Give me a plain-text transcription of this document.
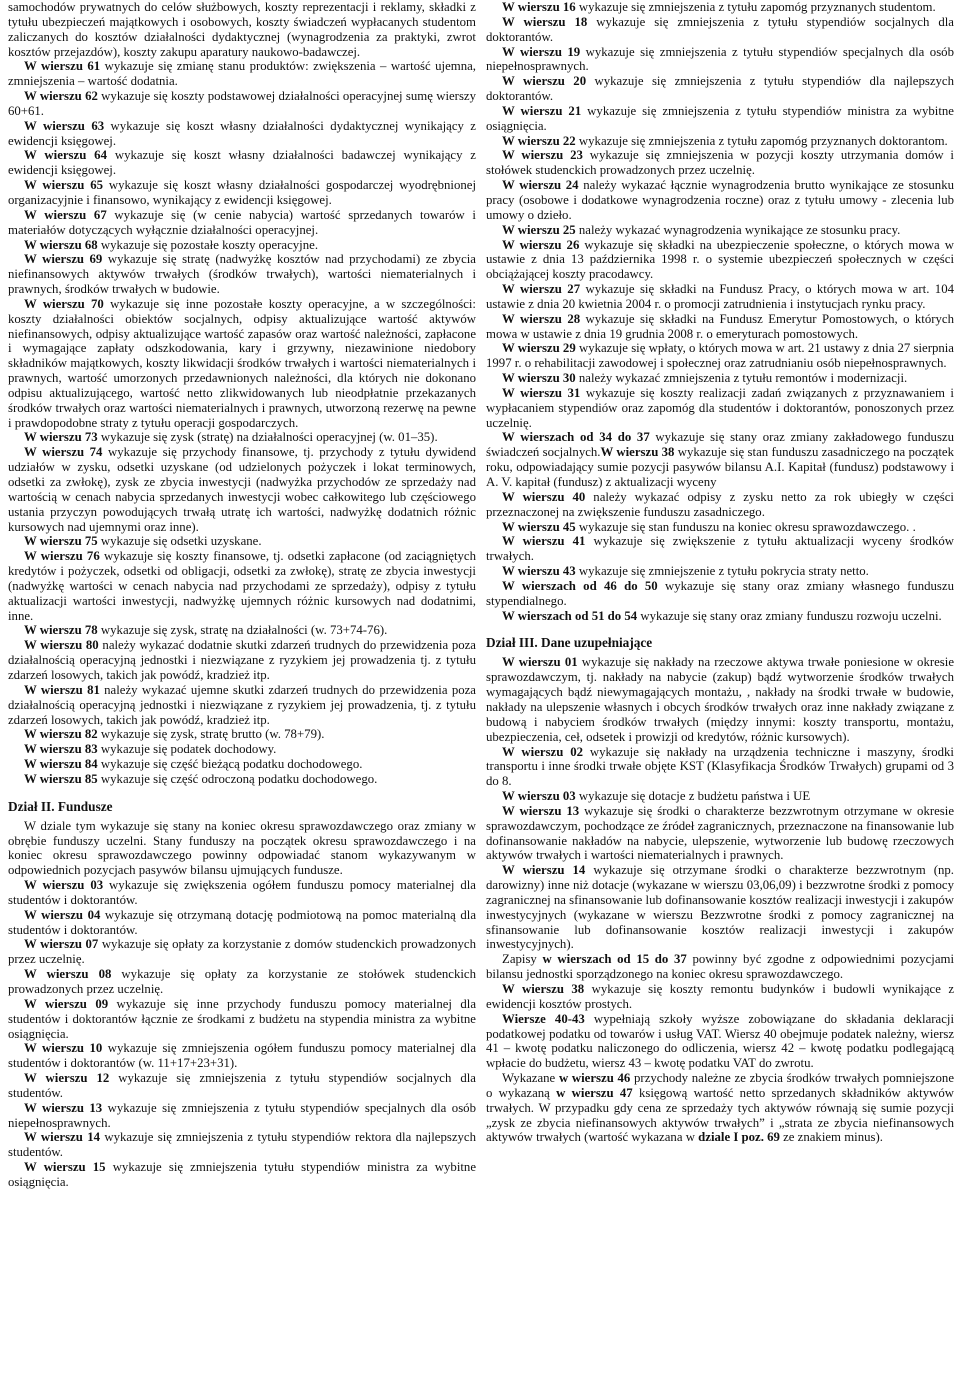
samochodów prywatnych do celów służbowych, koszty reprezentacji i reklamy, składki z tytułu ubezpieczeń majątkowych i osobowych, koszty świadczeń wypłacanych studentom zaliczanych do kosztów działalności dydaktycznej (wynagrodzenia za praktyki, zwrot kosztów przejazdów), koszty zakupu aparatury naukowo-badawczej.

W wierszu 61 wykazuje się zmianę stanu produktów: zwiększenia – wartość ujemna, zmniejszenia – wartość dodatnia.

W wierszu 62 wykazuje się koszty podstawowej działalności operacyjnej sumę wierszy 60+61.

W wierszu 63 wykazuje się koszt własny działalności dydaktycznej wynikający z ewidencji księgowej.

W wierszu 64 wykazuje się koszt własny działalności badawczej wynikający z ewidencji księgowej.

W wierszu 65 wykazuje się koszt własny działalności gospodarczej wyodrębnionej organizacyjnie i finansowo, wynikający z ewidencji księgowej.

W wierszu 67 wykazuje się (w cenie nabycia) wartość sprzedanych towarów i materiałów dotyczących wyłącznie działalności operacyjnej.

W wierszu 68 wykazuje się pozostałe koszty operacyjne.

W wierszu 69 wykazuje się stratę (nadwyżkę kosztów nad przychodami) ze zbycia niefinansowych aktywów trwałych (środków trwałych), wartości niematerialnych i prawnych, środków trwałych w budowie.

W wierszu 70 wykazuje się inne pozostałe koszty operacyjne, a w szczególności: koszty działalności obiektów socjalnych, odpisy aktualizujące wartość aktywów niefinansowych, odpisy aktualizujące wartość zapasów oraz wartość należności, zapłacone i wymagające zapłaty odszkodowania, kary i grzywny, niezawinione niedobory składników majątkowych, koszty likwidacji środków trwałych i wartości niematerialnych i prawnych, wartość umorzonych przedawnionych należności, dla których nie dokonano odpisu aktualizującego, wartość netto zlikwidowanych lub nieodpłatnie przekazanych środków trwałych oraz wartości niematerialnych i prawnych, utworzoną rezerwę na pewne i prawdopodobne straty z tytułu operacji gospodarczych.

W wierszu 73 wykazuje się zysk (stratę) na działalności operacyjnej (w. 01–35).

W wierszu 74 wykazuje się przychody finansowe, tj. przychody z tytułu dywidend udziałów w zysku, odsetki uzyskane (od udzielonych pożyczek i lokat terminowych, odsetki za zwłokę), zysk ze zbycia inwestycji (nadwyżka przychodów ze sprzedaży nad wartością w cenach nabycia sprzedanych inwestycji wobec całkowitego lub częściowego ustania przyczyn powodujących trwałą utratę ich wartości, nadwyżkę dodatnich różnic kursowych nad ujemnymi oraz inne).

W wierszu 75 wykazuje się odsetki uzyskane.

W wierszu 76 wykazuje się koszty finansowe, tj. odsetki zapłacone (od zaciągniętych kredytów i pożyczek, odsetki od obligacji, odsetki za zwłokę), stratę ze zbycia inwestycji (nadwyżkę wartości w cenach nabycia nad przychodami ze sprzedaży), odpisy z tytułu aktualizacji wartości inwestycji, nadwyżkę ujemnych różnic kursowych nad dodatnimi, inne.

W wierszu 78 wykazuje się zysk, stratę na działalności (w. 73+74-76).

W wierszu 80 należy wykazać dodatnie skutki zdarzeń trudnych do przewidzenia poza działalnością operacyjną jednostki i niezwiązane z ryzykiem jej prowadzenia tj. z tytułu zdarzeń losowych, takich jak powódź, kradzież itp.

W wierszu 81 należy wykazać ujemne skutki zdarzeń trudnych do przewidzenia poza działalnością operacyjną jednostki i niezwiązane z ryzykiem jej prowadzenia, tj. z tytułu zdarzeń losowych, takich jak powódź, kradzież itp.

W wierszu 82 wykazuje się zysk, stratę brutto (w. 78+79).

W wierszu 83 wykazuje się podatek dochodowy.

W wierszu 84 wykazuje się część bieżącą podatku dochodowego.

W wierszu 85 wykazuje się część odroczoną podatku dochodowego.

Dział II. Fundusze

W dziale tym wykazuje się stany na koniec okresu sprawozdawczego oraz zmiany w obrębie funduszy uczelni. Stany funduszy na początek okresu sprawozdawczego i na koniec okresu sprawozdawczego powinny odpowiadać stanom wykazywanym w odpowiednich pozycjach pasywów bilansu ujmujących fundusze.

W wierszu 03 wykazuje się zwiększenia ogółem funduszu pomocy materialnej dla studentów i doktorantów.

W wierszu 04 wykazuje się otrzymaną dotację podmiotową na pomoc materialną dla studentów i doktorantów.

W wierszu 07 wykazuje się opłaty za korzystanie z domów studenckich prowadzonych przez uczelnię.

W wierszu 08 wykazuje się opłaty za korzystanie ze stołówek studenckich prowadzonych przez uczelnię.

W wierszu 09 wykazuje się inne przychody funduszu pomocy materialnej dla studentów i doktorantów łącznie ze środkami z budżetu na stypendia ministra za wybitne osiągnięcia.

W wierszu 10 wykazuje się zmniejszenia ogółem funduszu pomocy materialnej dla studentów i doktorantów (w. 11+17+23+31).

W wierszu 12 wykazuje się zmniejszenia z tytułu stypendiów socjalnych dla studentów.

W wierszu 13 wykazuje się zmniejszenia z tytułu stypendiów specjalnych dla osób niepełnosprawnych.

W wierszu 14 wykazuje się zmniejszenia z tytułu stypendiów rektora dla najlepszych studentów.

W wierszu 15 wykazuje się zmniejszenia tytułu stypendiów ministra za wybitne osiągnięcia.

W wierszu 16 wykazuje się zmniejszenia z tytułu zapomóg przyznanych studentom.

W wierszu 18 wykazuje się zmniejszenia z tytułu stypendiów socjalnych dla doktorantów.

W wierszu 19 wykazuje się zmniejszenia z tytułu stypendiów specjalnych dla osób niepełnosprawnych.

W wierszu 20 wykazuje się zmniejszenia z tytułu stypendiów dla najlepszych doktorantów.

W wierszu 21 wykazuje się zmniejszenia z tytułu stypendiów ministra za wybitne osiągnięcia.

W wierszu 22 wykazuje się zmniejszenia z tytułu zapomóg przyznanych doktorantom.

W wierszu 23 wykazuje się zmniejszenia w pozycji koszty utrzymania domów i stołówek studenckich prowadzonych przez uczelnię.

W wierszu 24 należy wykazać łącznie wynagrodzenia brutto wynikające ze stosunku pracy (osobowe i dodatkowe wynagrodzenia roczne) oraz z tytułu umowy - zlecenia lub umowy o dzieło.

W wierszu 25 należy wykazać wynagrodzenia wynikające ze stosunku pracy.

W wierszu 26 wykazuje się składki na ubezpieczenie społeczne, o których mowa w ustawie z dnia 13 października 1998 r. o systemie ubezpieczeń społecznych w części obciążającej koszty pracodawcy.

W wierszu 27 wykazuje się składki na Fundusz Pracy, o których mowa w art. 104 ustawie z dnia 20 kwietnia 2004 r. o promocji zatrudnienia i instytucjach rynku pracy.

W wierszu 28 wykazuje się składki na Fundusz Emerytur Pomostowych, o których mowa w ustawie z dnia 19 grudnia 2008 r. o emeryturach pomostowych.

W wierszu 29 wykazuje się wpłaty, o których mowa w art. 21 ustawy z dnia 27 sierpnia 1997 r. o rehabilitacji zawodowej i społecznej oraz zatrudnianiu osób niepełnosprawnych.

W wierszu 30 należy wykazać zmniejszenia z tytułu remontów i modernizacji.

W wierszu 31 wykazuje się koszty realizacji zadań związanych z przyznawaniem i wypłacaniem stypendiów oraz zapomóg dla studentów i doktorantów, ponoszonych przez uczelnię.

W wierszach od 34 do 37 wykazuje się stany oraz zmiany zakładowego funduszu świadczeń socjalnych.W wierszu 38 wykazuje się stan funduszu zasadniczego na początek roku, odpowiadający sumie pozycji pasywów bilansu A.I. Kapitał (fundusz) podstawowy i A. V. kapitał (fundusz) z aktualizacji wyceny

W wierszu 40 należy wykazać odpisy z zysku netto za rok ubiegły w części przeznaczonej na zwiększenie funduszu zasadniczego.

W wierszu 45 wykazuje się stan funduszu na koniec okresu sprawozdawczego. .

W wierszu 41 wykazuje się zwiększenie z tytułu aktualizacji wyceny środków trwałych.

W wierszu 43 wykazuje się zmniejszenie z tytułu pokrycia straty netto.

W wierszach od 46 do 50 wykazuje się stany oraz zmiany własnego funduszu stypendialnego.

W wierszach od 51 do 54 wykazuje się stany oraz zmiany funduszu rozwoju uczelni.

Dział III. Dane uzupełniające

W wierszu 01 wykazuje się nakłady na rzeczowe aktywa trwałe poniesione w okresie sprawozdawczym, tj. nakłady na nabycie (zakup) bądź wytworzenie środków trwałych wymagających bądź niewymagających montażu, , nakłady na środki trwałe w budowie, nakłady na ulepszenie własnych i obcych środków trwałych oraz inne nakłady związane z budową i nabyciem środków trwałych (między innymi: koszty transportu, montażu, ubezpieczenia, ceł, odsetek i prowizji od kredytów, różnic kursowych).

W wierszu 02 wykazuje się nakłady na urządzenia techniczne i maszyny, środki transportu i inne środki trwałe objęte KST (Klasyfikacja Środków Trwałych) grupami od 3 do 8.

W wierszu 03 wykazuje się dotacje z budżetu państwa i UE

W wierszu 13 wykazuje się środki o charakterze bezzwrotnym otrzymane w okresie sprawozdawczym, pochodzące ze źródeł zagranicznych, przeznaczone na finansowanie lub dofinansowanie nakładów na nabycie, ulepszenie, wytworzenie lub budowę rzeczowych aktywów trwałych i wartości niematerialnych i prawnych.

W wierszu 14 wykazuje się otrzymane środki o charakterze bezzwrotnym (np. darowizny) inne niż dotacje (wykazane w wierszu 03,06,09) i bezzwrotne środki z pomocy zagranicznej na sfinansowanie lub dofinansowanie kosztów realizacji inwestycji i zakupów inwestycyjnych (wykazane w wierszu Bezzwrotne środki z pomocy zagranicznej na sfinansowanie lub dofinansowanie kosztów realizacji inwestycji i zakupów inwestycyjnych).

Zapisy w wierszach od 15 do 37 powinny być zgodne z odpowiednimi pozycjami bilansu jednostki sporządzonego na koniec okresu sprawozdawczego.

W wierszu 38 wykazuje się koszty remontu budynków i budowli wynikające z ewidencji kosztów prostych.

Wiersze 40-43 wypełniają szkoły wyższe zobowiązane do składania deklaracji podatkowej podatku od towarów i usług VAT. Wiersz 40 obejmuje podatek należny, wiersz 41 – kwotę podatku naliczonego do odliczenia, wiersz 42 – kwotę podatku podlegającą wpłacie do budżetu, wiersz 43 – kwotę podatku VAT do zwrotu.

Wykazane w wierszu 46 przychody należne ze zbycia środków trwałych pomniejszone o wykazaną w wierszu 47 księgową wartość netto sprzedanych składników aktywów trwałych. W przypadku gdy cena ze sprzedaży tych aktywów równają się sumie pozycji „zysk ze zbycia niefinansowych aktywów trwałych” i „strata ze zbycia niefinansowych aktywów trwałych (wartość wykazana w dziale I poz. 69 ze znakiem minus).
